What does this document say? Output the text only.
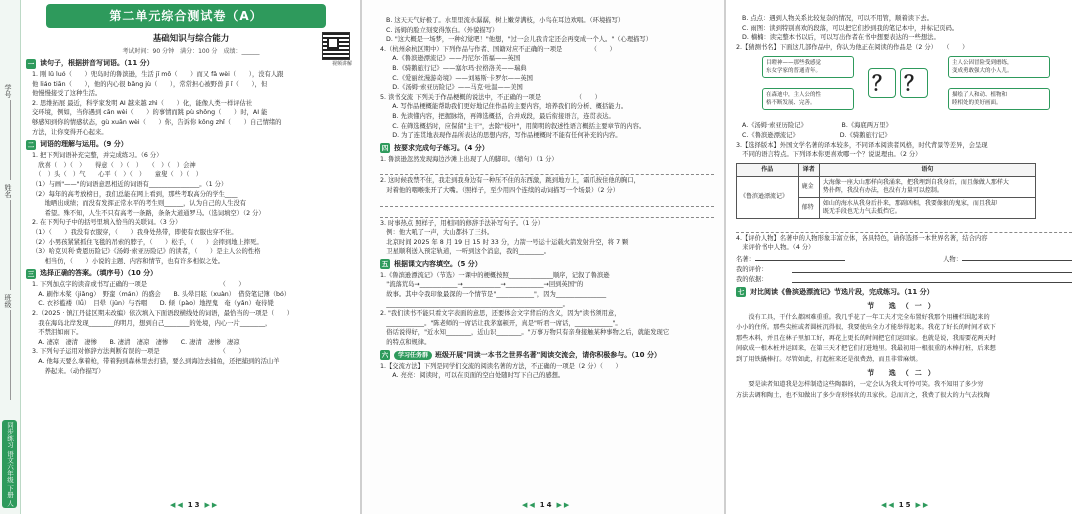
学号
姓名
班级
同步练习 语文六年级 下册 人
第二单元综合测试卷（A）
视频讲解
基础知识与综合能力
考试时间：90 分钟　满分：100 分　成绩：______
一 读句子，根据拼音写词语。（11 分）

1. 刚 lǔ luó（　　）兜岛时的鲁滨逊，生活 jī mō（　　）而又 fǎ wèi（　　），没有人跟

他 liáo tiān（　　），他的内心很 bǎng jù（　　），常常担心被野兽 jī ǐ（　　），但

他慢慢接受了这种生活。

2. 思维拓展 最近，科学家发明 AI 越来越 zhì（　　）化，能像人类一样评估社

交环境，例如，当你遇到 cān wèi（　　）的事情而跳 pù shǒng（　　）时，AI 能

够感知到你的情感状态，gù xuān wèi（　　）你，告诉你 kōng zhǐ（　　）自己情绪的

方法，让你变得开心起来。

二 词语的理解与运用。（9 分）

1. 把下列词语补充完整，并完成练习。（6 分）

　欣喜（　）（　）　　得意（　）（　）　　（　）（　）会神

　（　）头（　）气　　心平（　）（　）　　童叟（　）（　）

（1）与画"——"的词语意思相近的词语有________________。（1 分）

（2）每年的高考放榜日，我们总能在网上看到，那些考取高分的学生____

　　地晒出成绩；而没有发挥正常水平的考生则______，认为自己的人生没有

　　希望。殊不知，人生不只有高考一条路，条条大道通罗马。（选词填空）（2 分）

2. 在下列句子中的括号里填入恰当的关联词。（3 分）

（1）（　　）我没有衣服穿，（　　）我身处热带，即使有衣服也穿不住。

（2）小男孩紧紧抓住飞毯的吊索的脖子，（　　）松手，（　　）会摔到地上摔死。

（3）哈克贝利·费恩历险记》《汤姆·索亚历险记》的读者，（　　）是主人公的性格

　　相当仿，（　　）小说的主题、内容和情节，也有许多相似之处。

三 选择正确的答案。（填序号）（10 分）

1. 下列加点字的读音或书写正确的一项是　　　　　　　　　　　　（　　）

　A. 刷作木桨（jiǎng）　野蛮（mán）的盛会　　B. 头晕目眩（xuàn）　借贷笔记簿（bó）

　C. 衣衫褴褛（lǚ）　目晕（jūn）与吞咽　　D. 倾（pào）地捏鬼　奄（yǎn）奄待毙

2.（2025 · 镇江丹徒区期末改编）依次填入下面语段横线处的词语，最恰当的一项是（　　）

　我在海岛北岸发现________的明月，想到自己________的处境，内心一片________，

　不禁泪如雨下。

　A. 凄凉　凄清　凄惨　　B. 凄清　凄凉　凄惨　　C. 凄清　凄惨　凄凉

3. 下列句子运用对修辞方法判断有误的一项是　　　　　　　　　　（　　）

　A. 他每天要么拿着枪，带着狗到森林里去打猎，要么到海边去捕鱼，还把捕到的活山羊

　　养起来。（动作描写）

◀◀ 13 ▶▶

B. 这天天气好极了。水里里流水潺潺，树上嫩芽满枝，小鸟在耳边欢唱。（环境描写）

C. 汤姆的脸立刻变得煞白。（外貌描写）

D. "这大概是一场梦，一种幻觉吧！"他想，"过一会儿我肯定还会再变成一个人。"（心理描写）

4.（杭州余杭区期中）下列作品与作者、国籍对应不正确的一项是　　　　　（　　）

　A.《鲁滨逊漂流记》——丹尼尔·笛福——英国

　B.《骑鹅旅行记》——塞尔玛·拉格洛芙——瑞典

　C.《爱丽丝漫游奇境》——刘易斯·卡罗尔——英国

　D.《汤姆·索亚历险记》——马克·吐温——美国

5. 读书交流 下列关于作品梗概的说法中，不正确的一项是　　　　　　（　　）

　A. 写作品梗概能帮助我们更好地记住作品的主要内容，培养我们的分析、概括能力。

　B. 先读懂内容，把握脉络，再筛选概括，合并成段，最后衔接语言，连贯表达。

　C. 在筛选概括时，应保留"主干"，去除"枝叶"，用简明的叙述性语言概括主要章节的内容。

　D. 为了连贯地表现作品所表达的思想内容，写作品梗概时不能有任何补充的内容。

四 按要求完成句子练习。（4 分）

1. 鲁滨逊忽然发现海边沙滩上出现了人的脚印。（缩句）（1 分）

2. 这时候我禁不住，我走到我身边有一种压不住的东西激，跳到地方上，霜爪按住他的胸口，

　对着他的咽喉张开了大嘴。（照样子，至少用四个连续的动词描写一个场景）（2 分）

3. 时事热点 照样子，用相同的修辞手法补写句子。（1 分）

　例：他大吼了一声，大山都抖了三抖。

　北京时间 2025 年 8 月 19 日 15 时 33 分，力箭一号运十运载火箭发射升空，将 7 颗

　卫星顺利送入预定轨道，一听到这个消息，我的________。

五 根据课文内容填空。（5 分）

1.《鲁滨逊漂流记》（节选）一课中的梗概按照______________顺序，记叙了鲁滨逊

　"流落荒岛→____________→____________→____________→回到英国"的

　故事。其中令我印象最深的一个情节是"____________"，因为________________

　________________________________________________________。

2. "我们读书不能只看文字表面的意思，还要体会文字背后的含义，因为"读书须用意，

　____________。"陈老师的一席话让我茅塞顿开，真是"听君一席话，____________"。

　俗话说得好，"近水知________，近山识________。"万事万物只有亲身接触某种事物之后，就能发现它

　的特点和规律。

六	学习任务群	班级开展"同读一本书之世界名著"阅读交流会，请你积极参与。（10 分）

1.【交流方法】下列是同学们交流的阅读名著的方法，不正确的一项是（2 分）（　　）

　A. 亮亮：阅读时，可以在页面的空白处随时写下自己的感想。

◀◀ 14 ▶▶

B. 点点：遇到人物关系比较复杂的情况，可以不用管，顺着读下去。

C. 雨图：读到特别喜欢的段落，可以把它们抄到我的笔记本中，并标记页码。

D. 楠楠：读完整本书以后，可以写出作者在书中想要表达的一些想法。

2.【猜测书名】下面这几部作品中，你认为他正在阅读的作品是（2 分）　　（　　）

目瞪神——那些我感觉
东女学家的普通青年。
在森迪中，主人公的性
格不断发展、完善。
？ ？
主人公因冒险受到磨练，
变成勇敢强大的小人儿。
描绘了人和动、植物和
睦相处的美好画面。

A.《汤姆·索亚历险记》　　　　　　B.《海底两万里》

C.《鲁滨逊漂流记》　　　　　　　D.《骑鹅旅行记》

3.【选择版本】外国文学名著的译本较多，不同译本阅读者风格，时代背景等差异，会呈现

　不同的语言特点。下列译本你更喜欢哪一个？说说理由。（2 分）

作品	译者	语句
《鲁滨逊漂流记》	鹿金	大海像一座大山那样向我涌来，把我埋到自我身后，而且像做人那样大
势扑辉，我没有办法，也没有力量可以控制。

	郁特	如山的海水从我身后扑来，那副凶相，我要像狠的鬼家，而且我却
既无手段也无力气去抵挡它。

4.【评价人物】名著中的人物形象丰富立体，各具特色，请你选择一本世界名著，结合内容

　来评价书中人物。（4 分）

名著：	人物：
我的评价：
我的依据：
七 对比阅读《鲁滨逊漂流记》节选片段，完成练习。（11 分）
节 选（一）

　　没有工具，干什么都困难重重。我几乎花了一年工夫才完全布置好我那个用栅栏围起来的

小小的住所。那些尖桩或者圆桩沉得很，我要使出全力才能举得起来。我花了好长的时间才砍下

那些木料，并且在林子里加工好，再花上更长的时间把它们运回家。也就是说，我需要花两天时

间砍成一根木桩并运回来，在第三天才把它们打进地里。我最初用一根很重的木棒打桩，后来想

到了用铁撬棒打。尽管如此，打起桩来还是很费劲，而且非常麻烦。

节 选（二）

　　要是读者知道我是怎样制造这些陶器的，一定会认为我太可怜可笑。我不知用了多少穷

方法去调和陶土，也不知做出了多少奇形怪状的丑家伙。总而言之，我费了很大的力气去找陶

◀◀ 15 ▶▶
